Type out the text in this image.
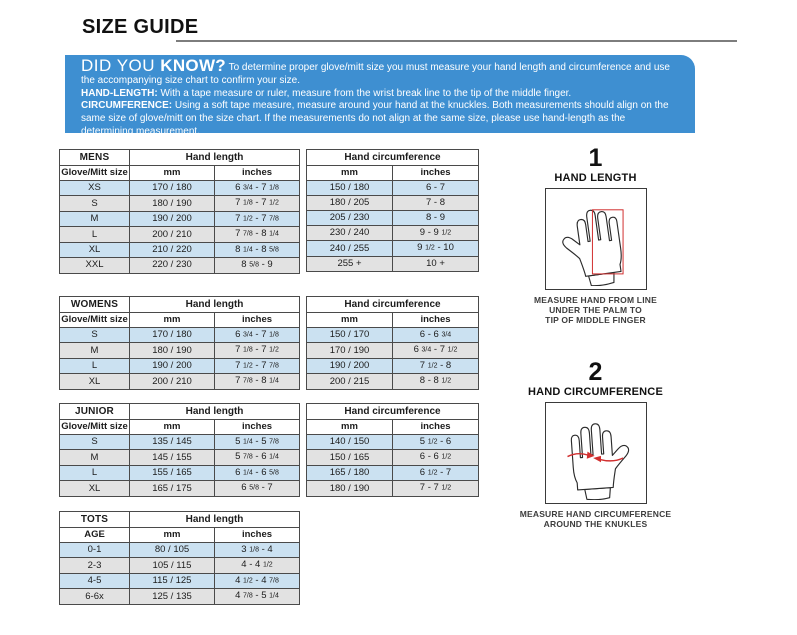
SIZE GUIDE

DID YOU KNOW? To determine proper glove/mitt size you must measure your hand length and circumference and use the accompanying size chart to confirm your size.

HAND-LENGTH: With a tape measure or ruler, measure from the wrist break line to the tip of the middle finger.

CIRCUMFERENCE: Using a soft tape measure, measure around your hand at the knuckles. Both measurements should align on the same size of glove/mitt on the size chart. If the measurements do not align at the same size, please use hand-length as the determining measurement.

MENS	Hand length	
Glove/Mitt size	mm	inches
XS	170 / 180	6 3/4 - 7 1/8
S	180 / 190	7 1/8 - 7 1/2
M	190 / 200	7 1/2 - 7 7/8
L	200 / 210	7 7/8 - 8 1/4
XL	210 / 220	8 1/4 - 8 5/8
XXL	220 / 230	8 5/8 - 9
Hand circumference	
mm	inches
150 / 180	6 - 7
180 / 205	7 - 8
205 / 230	8 - 9
230 / 240	9 - 9 1/2
240 / 255	9 1/2 - 10
255 +	10 +
WOMENS	Hand length	
Glove/Mitt size	mm	inches
S	170 / 180	6 3/4 - 7 1/8
M	180 / 190	7 1/8 - 7 1/2
L	190 / 200	7 1/2 - 7 7/8
XL	200 / 210	7 7/8 - 8 1/4
Hand circumference	
mm	inches
150 / 170	6 - 6 3/4
170 / 190	6 3/4 - 7 1/2
190 / 200	7 1/2 - 8
200 / 215	8 - 8 1/2
JUNIOR	Hand length	
Glove/Mitt size	mm	inches
S	135 / 145	5 1/4 - 5 7/8
M	145 / 155	5 7/8 - 6 1/4
L	155 / 165	6 1/4 - 6 5/8
XL	165 / 175	6 5/8 - 7
Hand circumference	
mm	inches
140 / 150	5 1/2 - 6
150 / 165	6 - 6 1/2
165 / 180	6 1/2 - 7
180 / 190	7 - 7 1/2
TOTS	Hand length	
AGE	mm	inches
0-1	80 / 105	3 1/8 - 4
2-3	105 / 115	4 - 4 1/2
4-5	115 / 125	4 1/2 - 4 7/8
6-6x	125 / 135	4 7/8 - 5 1/4

1

HAND LENGTH

MEASURE HAND FROM LINE
UNDER THE PALM TO
TIP OF MIDDLE FINGER

2

HAND CIRCUMFERENCE

MEASURE HAND CIRCUMFERENCE
AROUND THE KNUKLES
